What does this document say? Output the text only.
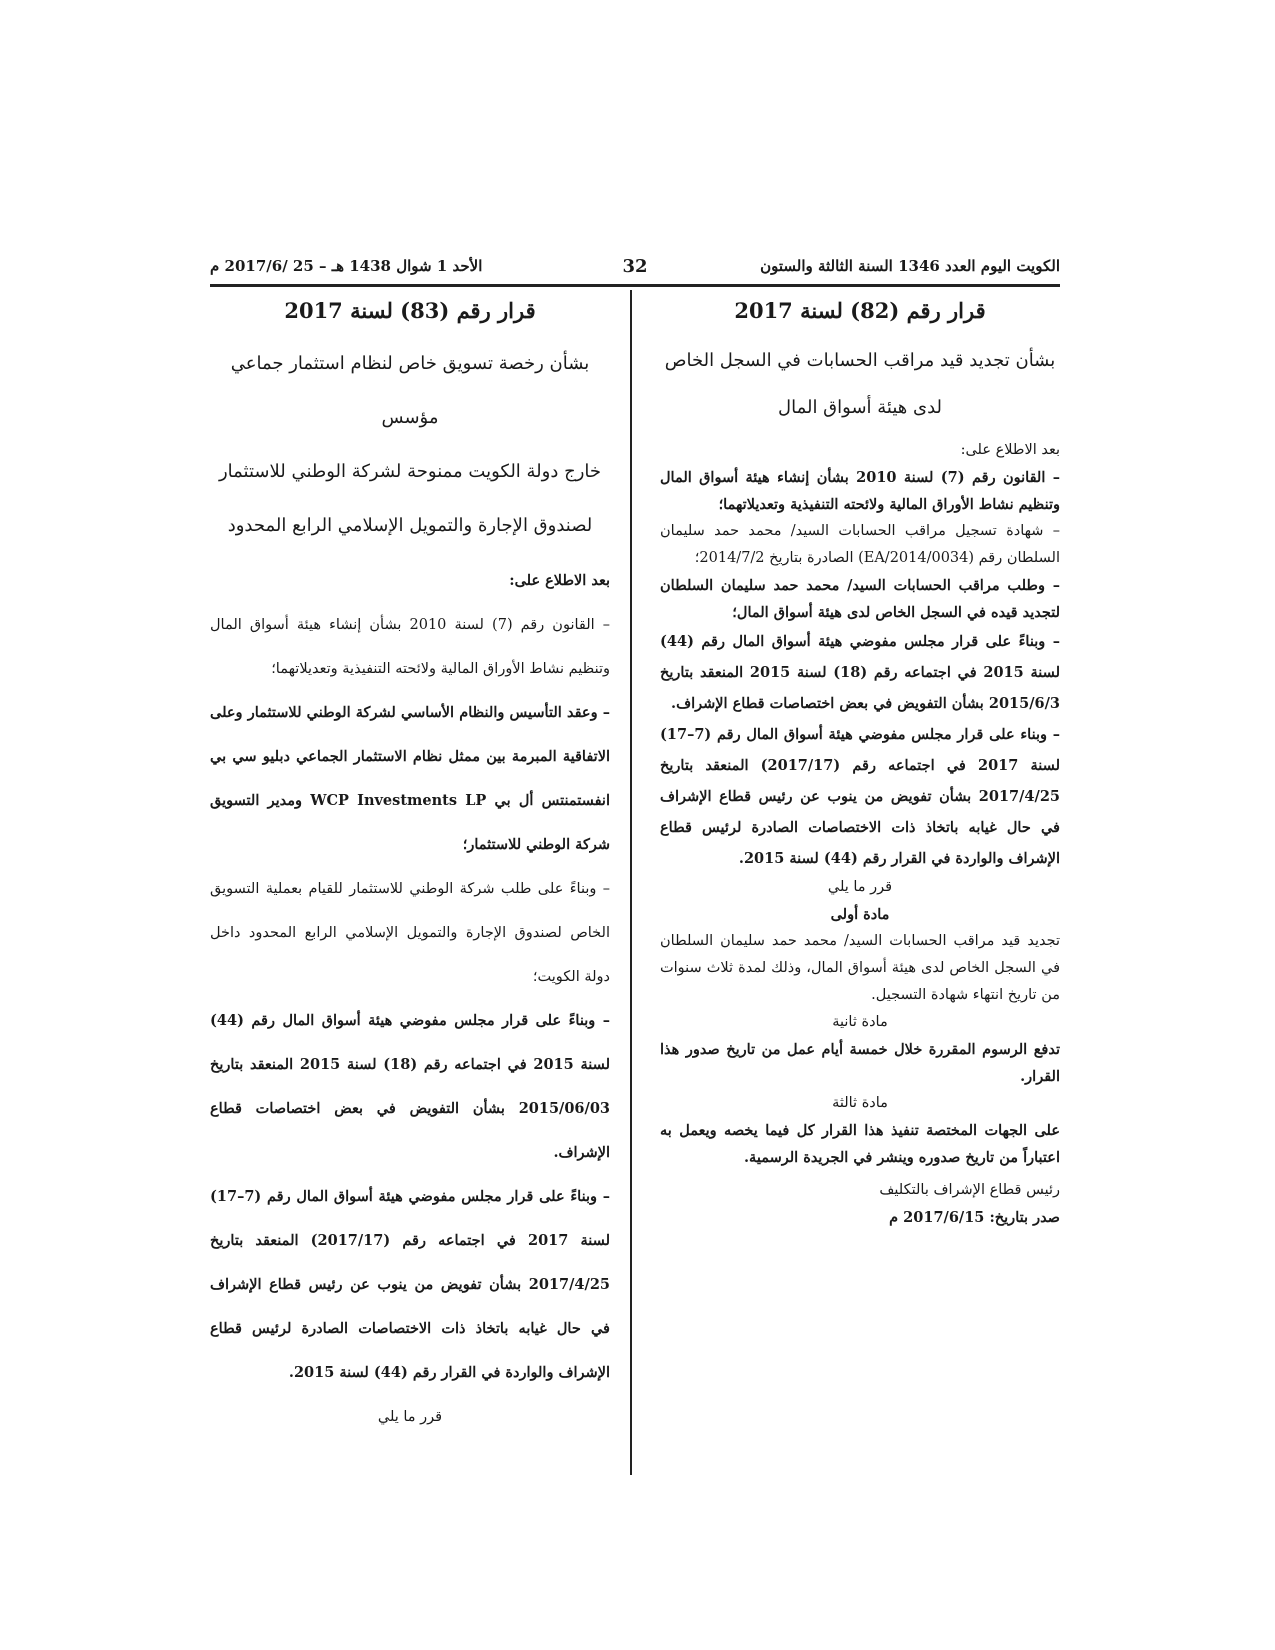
الكويت اليوم العدد 1346 السنة الثالثة والستون
32
الأحد 1 شوال 1438 هـ – 25 /2017/6 م

قرار رقم (82) لسنة 2017

بشأن تجديد قيد مراقب الحسابات في السجل الخاص
لدى هيئة أسواق المال

بعد الاطلاع على:

– القانون رقم (7) لسنة 2010 بشأن إنشاء هيئة أسواق المال وتنظيم نشاط الأوراق المالية ولائحته التنفيذية وتعديلاتهما؛

– شهادة تسجيل مراقب الحسابات السيد/ محمد حمد سليمان السلطان رقم (EA/2014/0034) الصادرة بتاريخ 2014/7/2؛

– وطلب مراقب الحسابات السيد/ محمد حمد سليمان السلطان لتجديد قيده في السجل الخاص لدى هيئة أسواق المال؛

– وبناءً على قرار مجلس مفوضي هيئة أسواق المال رقم (44) لسنة 2015 في اجتماعه رقم (18) لسنة 2015 المنعقد بتاريخ 2015/6/3 بشأن التفويض في بعض اختصاصات قطاع الإشراف.

– وبناء على قرار مجلس مفوضي هيئة أسواق المال رقم (7–17) لسنة 2017 في اجتماعه رقم (2017/17) المنعقد بتاريخ 2017/4/25 بشأن تفويض من ينوب عن رئيس قطاع الإشراف في حال غيابه باتخاذ ذات الاختصاصات الصادرة لرئيس قطاع الإشراف والواردة في القرار رقم (44) لسنة 2015.

قرر ما يلي

مادة أولى

تجديد قيد مراقب الحسابات السيد/ محمد حمد سليمان السلطان في السجل الخاص لدى هيئة أسواق المال، وذلك لمدة ثلاث سنوات من تاريخ انتهاء شهادة التسجيل.

مادة ثانية

تدفع الرسوم المقررة خلال خمسة أيام عمل من تاريخ صدور هذا القرار.

مادة ثالثة

على الجهات المختصة تنفيذ هذا القرار كل فيما يخصه ويعمل به اعتباراً من تاريخ صدوره وينشر في الجريدة الرسمية.

رئيس قطاع الإشراف بالتكليف

صدر بتاريخ: 2017/6/15 م

قرار رقم (83) لسنة 2017

بشأن رخصة تسويق خاص لنظام استثمار جماعي مؤسس
خارج دولة الكويت ممنوحة لشركة الوطني للاستثمار
لصندوق الإجارة والتمويل الإسلامي الرابع المحدود

بعد الاطلاع على:

– القانون رقم (7) لسنة 2010 بشأن إنشاء هيئة أسواق المال وتنظيم نشاط الأوراق المالية ولائحته التنفيذية وتعديلاتهما؛

– وعقد التأسيس والنظام الأساسي لشركة الوطني للاستثمار وعلى الاتفاقية المبرمة بين ممثل نظام الاستثمار الجماعي دبليو سي بي انفستمنتس أل بي WCP Investments LP ومدير التسويق شركة الوطني للاستثمار؛

– وبناءً على طلب شركة الوطني للاستثمار للقيام بعملية التسويق الخاص لصندوق الإجارة والتمويل الإسلامي الرابع المحدود داخل دولة الكويت؛

– وبناءً على قرار مجلس مفوضي هيئة أسواق المال رقم (44) لسنة 2015 في اجتماعه رقم (18) لسنة 2015 المنعقد بتاريخ 2015/06/03 بشأن التفويض في بعض اختصاصات قطاع الإشراف.

– وبناءً على قرار مجلس مفوضي هيئة أسواق المال رقم (7–17) لسنة 2017 في اجتماعه رقم (2017/17) المنعقد بتاريخ 2017/4/25 بشأن تفويض من ينوب عن رئيس قطاع الإشراف في حال غيابه باتخاذ ذات الاختصاصات الصادرة لرئيس قطاع الإشراف والواردة في القرار رقم (44) لسنة 2015.

قرر ما يلي
